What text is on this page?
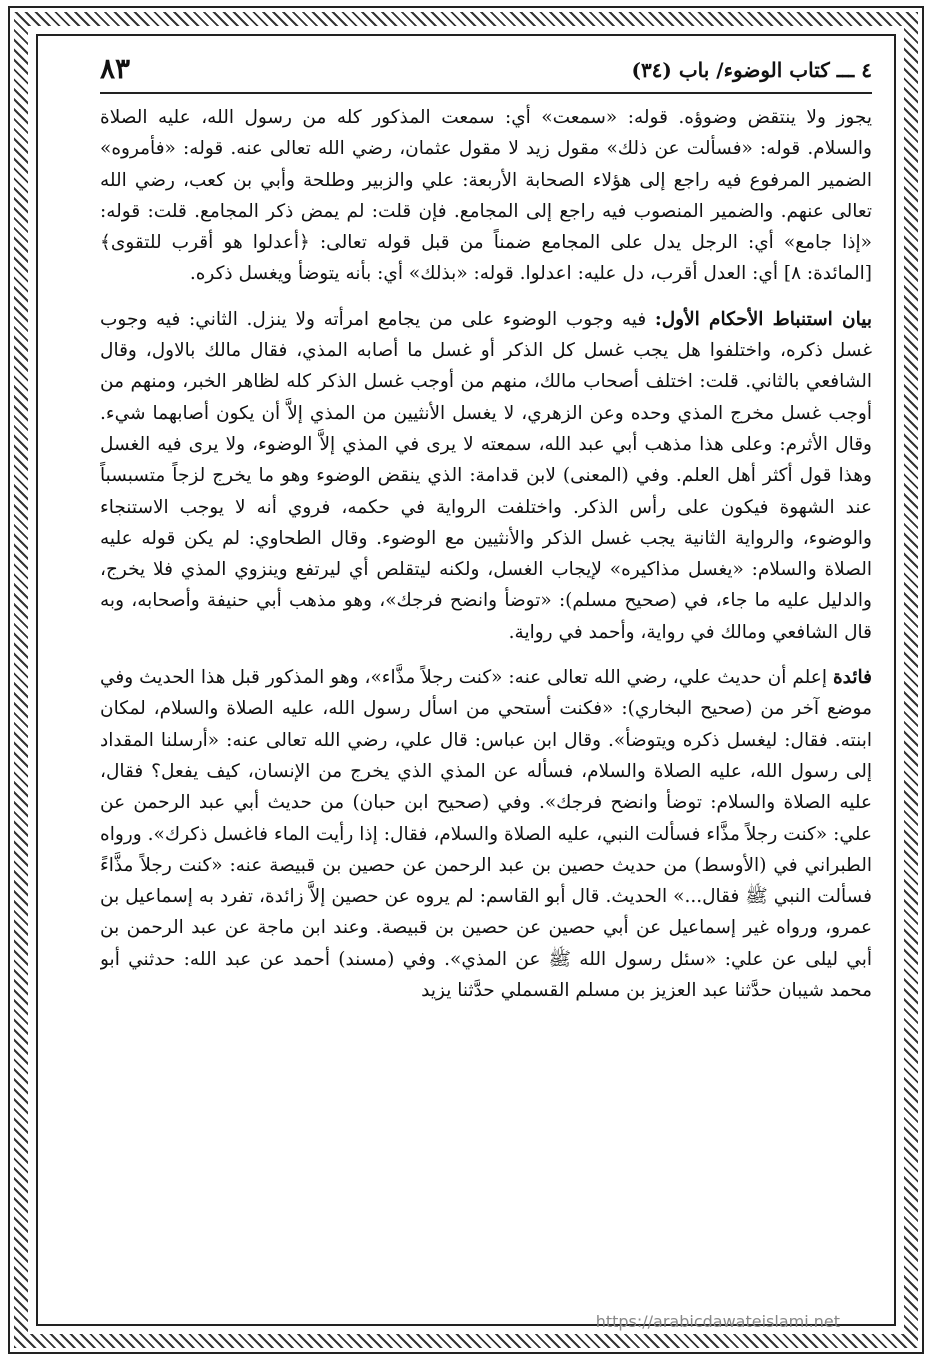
٤ ـــ كتاب الوضوء/ باب (٣٤)
٨٣

يجوز ولا ينتقض وضوؤه. قوله: «سمعت» أي: سمعت المذكور كله من رسول الله، عليه الصلاة والسلام. قوله: «فسألت عن ذلك» مقول زيد لا مقول عثمان، رضي الله تعالى عنه. قوله: «فأمروه» الضمير المرفوع فيه راجع إلى هؤلاء الصحابة الأربعة: علي والزبير وطلحة وأبي بن كعب، رضي الله تعالى عنهم. والضمير المنصوب فيه راجع إلى المجامع. فإن قلت: لم يمض ذكر المجامع. قلت: قوله: «إذا جامع» أي: الرجل يدل على المجامع ضمناً من قبل قوله تعالى: ﴿أعدلوا هو أقرب للتقوى﴾ [المائدة: ٨] أي: العدل أقرب، دل عليه: اعدلوا. قوله: «بذلك» أي: بأنه يتوضأ ويغسل ذكره.

بيان استنباط الأحكام الأول: فيه وجوب الوضوء على من يجامع امرأته ولا ينزل. الثاني: فيه وجوب غسل ذكره، واختلفوا هل يجب غسل كل الذكر أو غسل ما أصابه المذي، فقال مالك بالاول، وقال الشافعي بالثاني. قلت: اختلف أصحاب مالك، منهم من أوجب غسل الذكر كله لظاهر الخبر، ومنهم من أوجب غسل مخرج المذي وحده وعن الزهري، لا يغسل الأنثيين من المذي إلاَّ أن يكون أصابهما شيء. وقال الأثرم: وعلى هذا مذهب أبي عبد الله، سمعته لا يرى في المذي إلاَّ الوضوء، ولا يرى فيه الغسل وهذا قول أكثر أهل العلم. وفي (المعنى) لابن قدامة: الذي ينقض الوضوء وهو ما يخرج لزجاً متسبسباً عند الشهوة فيكون على رأس الذكر. واختلفت الرواية في حكمه، فروي أنه لا يوجب الاستنجاء والوضوء، والرواية الثانية يجب غسل الذكر والأنثيين مع الوضوء. وقال الطحاوي: لم يكن قوله عليه الصلاة والسلام: «يغسل مذاكيره» لإيجاب الغسل، ولكنه ليتقلص أي ليرتفع وينزوي المذي فلا يخرج، والدليل عليه ما جاء، في (صحيح مسلم): «توضأ وانضح فرجك»، وهو مذهب أبي حنيفة وأصحابه، وبه قال الشافعي ومالك في رواية، وأحمد في رواية.

فائدة إعلم أن حديث علي، رضي الله تعالى عنه: «كنت رجلاً مذَّاء»، وهو المذكور قبل هذا الحديث وفي موضع آخر من (صحيح البخاري): «فكنت أستحي من اسأل رسول الله، عليه الصلاة والسلام، لمكان ابنته. فقال: ليغسل ذكره ويتوضأ». وقال ابن عباس: قال علي، رضي الله تعالى عنه: «أرسلنا المقداد إلى رسول الله، عليه الصلاة والسلام، فسأله عن المذي الذي يخرج من الإنسان، كيف يفعل؟ فقال، عليه الصلاة والسلام: توضأ وانضح فرجك». وفي (صحيح ابن حبان) من حديث أبي عبد الرحمن عن علي: «كنت رجلاً مذَّاء فسألت النبي، عليه الصلاة والسلام، فقال: إذا رأيت الماء فاغسل ذكرك». ورواه الطبراني في (الأوسط) من حديث حصين بن عبد الرحمن عن حصين بن قبيصة عنه: «كنت رجلاً مذَّاءً فسألت النبي ﷺ فقال...» الحديث. قال أبو القاسم: لم يروه عن حصين إلاَّ زائدة، تفرد به إسماعيل بن عمرو، ورواه غير إسماعيل عن أبي حصين عن حصين بن قبيصة. وعند ابن ماجة عن عبد الرحمن بن أبي ليلى عن علي: «سئل رسول الله ﷺ عن المذي». وفي (مسند) أحمد عن عبد الله: حدثني أبو محمد شيبان حدَّثنا عبد العزيز بن مسلم القسملي حدَّثنا يزيد

https://arabicdawateislami.net
